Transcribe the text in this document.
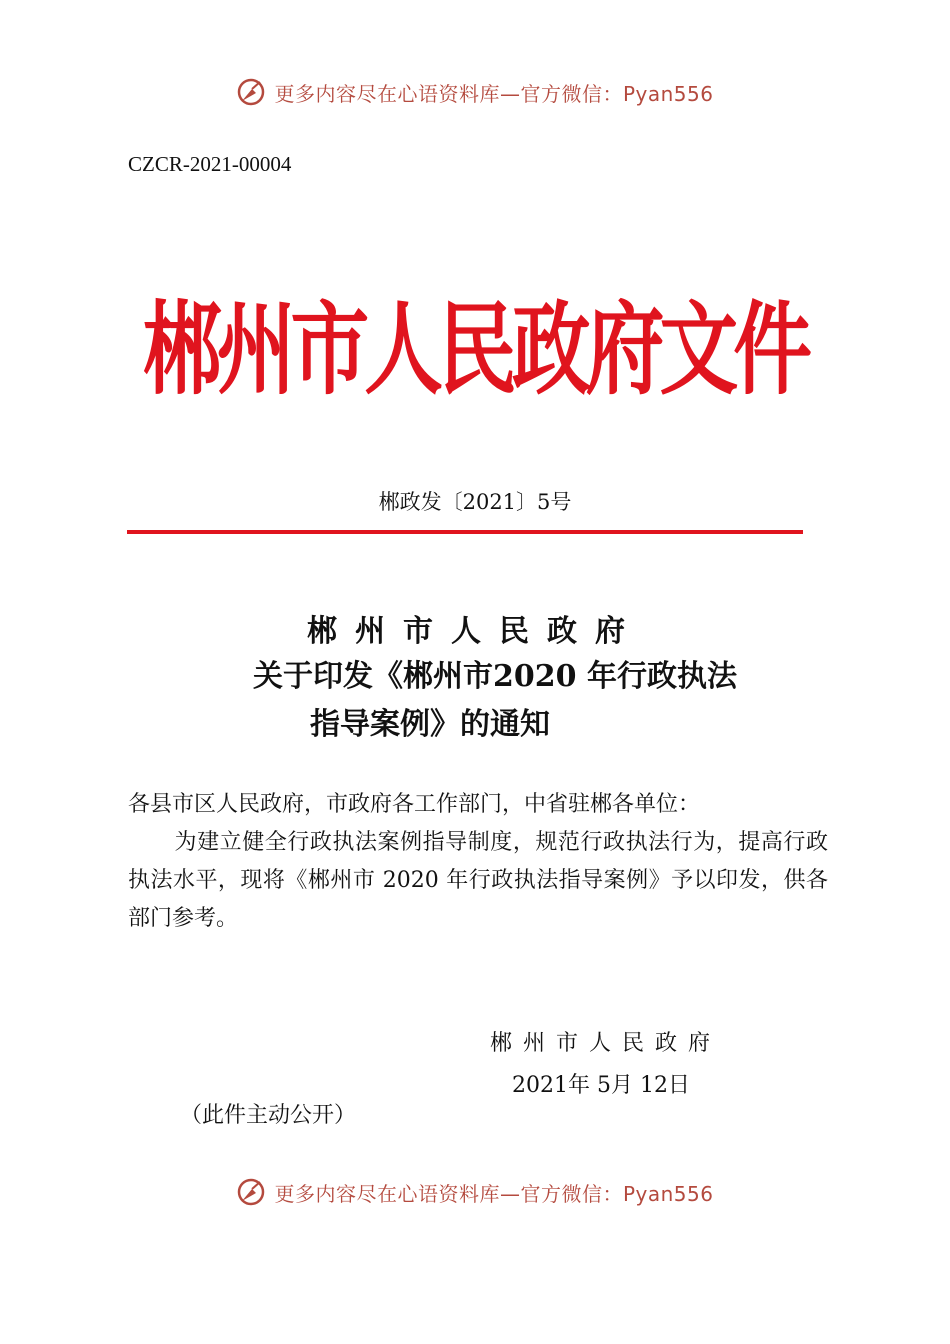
更多内容尽在心语资料库—官方微信：Pyan556
CZCR-2021-00004
郴州市人民政府文件
郴政发〔2021〕5号
郴州市人民政府
关于印发《郴州市2020 年行政执法
指导案例》的通知
各县市区人民政府，市政府各工作部门，中省驻郴各单位：
为建立健全行政执法案例指导制度，规范行政执法行为，提高行政执法水平，现将《郴州市 2020 年行政执法指导案例》予以印发，供各部门参考。
郴州市人民政府
2021年 5月 12日
（此件主动公开）
更多内容尽在心语资料库—官方微信：Pyan556
